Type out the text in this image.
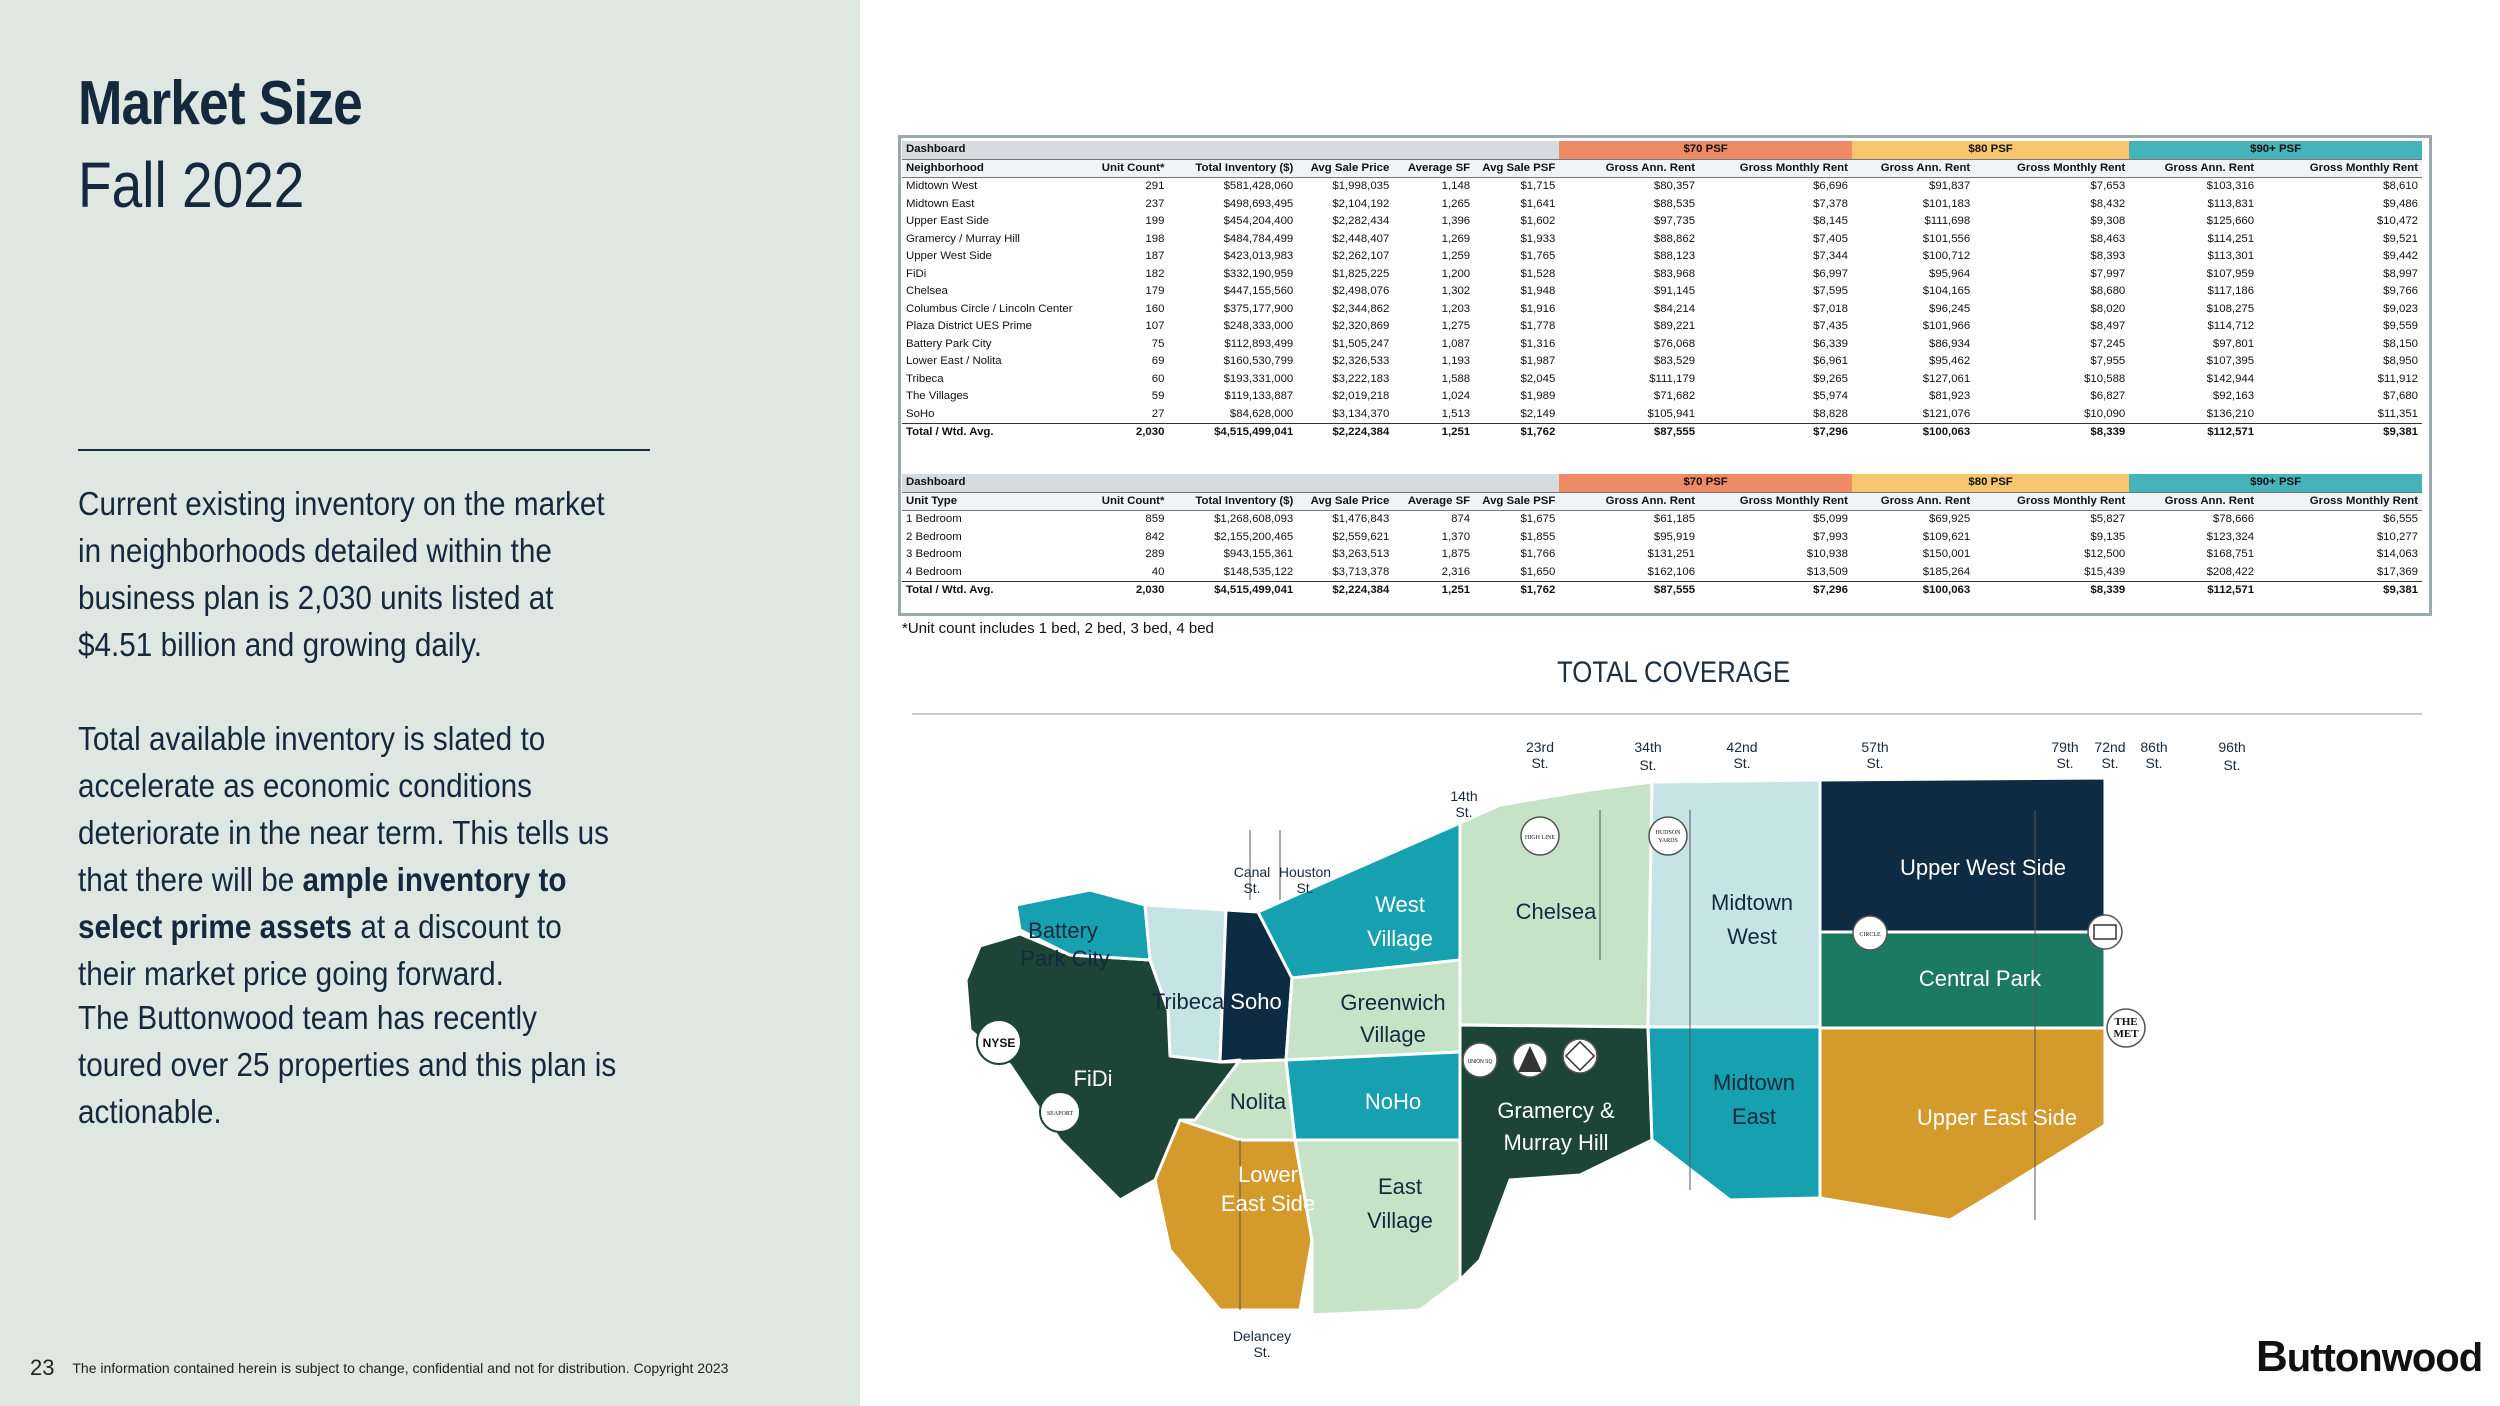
Market Size
Fall 2022

Current existing inventory on the market in neighborhoods detailed within the business plan is 2,030 units listed at $4.51 billion and growing daily.

Total available inventory is slated to accelerate as economic conditions deteriorate in the near term. This tells us that there will be ample inventory to select prime assets at a discount to their market price going forward.

The Buttonwood team has recently toured over 25 properties and this plan is actionable.

23 The information contained herein is subject to change, confidential and not for distribution. Copyright 2023	Buttonwood
Dashboard						$70 PSF		$80 PSF		$90+ PSF	
Neighborhood	Unit Count*	Total Inventory ($)	Avg Sale Price	Average SF	Avg Sale PSF	Gross Ann. Rent	Gross Monthly Rent	Gross Ann. Rent	Gross Monthly Rent	Gross Ann. Rent	Gross Monthly Rent
Midtown West	291	$581,428,060	$1,998,035	1,148	$1,715	$80,357	$6,696	$91,837	$7,653	$103,316	$8,610
Midtown East	237	$498,693,495	$2,104,192	1,265	$1,641	$88,535	$7,378	$101,183	$8,432	$113,831	$9,486
Upper East Side	199	$454,204,400	$2,282,434	1,396	$1,602	$97,735	$8,145	$111,698	$9,308	$125,660	$10,472
Gramercy / Murray Hill	198	$484,784,499	$2,448,407	1,269	$1,933	$88,862	$7,405	$101,556	$8,463	$114,251	$9,521
Upper West Side	187	$423,013,983	$2,262,107	1,259	$1,765	$88,123	$7,344	$100,712	$8,393	$113,301	$9,442
FiDi	182	$332,190,959	$1,825,225	1,200	$1,528	$83,968	$6,997	$95,964	$7,997	$107,959	$8,997
Chelsea	179	$447,155,560	$2,498,076	1,302	$1,948	$91,145	$7,595	$104,165	$8,680	$117,186	$9,766
Columbus Circle / Lincoln Center	160	$375,177,900	$2,344,862	1,203	$1,916	$84,214	$7,018	$96,245	$8,020	$108,275	$9,023
Plaza District UES Prime	107	$248,333,000	$2,320,869	1,275	$1,778	$89,221	$7,435	$101,966	$8,497	$114,712	$9,559
Battery Park City	75	$112,893,499	$1,505,247	1,087	$1,316	$76,068	$6,339	$86,934	$7,245	$97,801	$8,150
Lower East / Nolita	69	$160,530,799	$2,326,533	1,193	$1,987	$83,529	$6,961	$95,462	$7,955	$107,395	$8,950
Tribeca	60	$193,331,000	$3,222,183	1,588	$2,045	$111,179	$9,265	$127,061	$10,588	$142,944	$11,912
The Villages	59	$119,133,887	$2,019,218	1,024	$1,989	$71,682	$5,974	$81,923	$6,827	$92,163	$7,680
SoHo	27	$84,628,000	$3,134,370	1,513	$2,149	$105,941	$8,828	$121,076	$10,090	$136,210	$11,351
Total / Wtd. Avg.	2,030	$4,515,499,041	$2,224,384	1,251	$1,762	$87,555	$7,296	$100,063	$8,339	$112,571	$9,381
Dashboard						$70 PSF		$80 PSF		$90+ PSF	
Unit Type	Unit Count*	Total Inventory ($)	Avg Sale Price	Average SF	Avg Sale PSF	Gross Ann. Rent	Gross Monthly Rent	Gross Ann. Rent	Gross Monthly Rent	Gross Ann. Rent	Gross Monthly Rent
1 Bedroom	859	$1,268,608,093	$1,476,843	874	$1,675	$61,185	$5,099	$69,925	$5,827	$78,666	$6,555
2 Bedroom	842	$2,155,200,465	$2,559,621	1,370	$1,855	$95,919	$7,993	$109,621	$9,135	$123,324	$10,277
3 Bedroom	289	$943,155,361	$3,263,513	1,875	$1,766	$131,251	$10,938	$150,001	$12,500	$168,751	$14,063
4 Bedroom	40	$148,535,122	$3,713,378	2,316	$1,650	$162,106	$13,509	$185,264	$15,439	$208,422	$17,369
Total / Wtd. Avg.	2,030	$4,515,499,041	$2,224,384	1,251	$1,762	$87,555	$7,296	$100,063	$8,339	$112,571	$9,381
*Unit count includes 1 bed, 2 bed, 3 bed, 4 bed
TOTAL COVERAGE
Battery
Park City
FiDi
Tribeca Soho
Nolita
Lower
East Side
West
Village
Greenwich
Village
NoHo
East
Village
Chelsea
Gramercy &
Murray Hill
Midtown
West
Midtown
East
Upper West Side
Central Park
Upper East Side
Canal
St.
Houston
St.
14th
St.
23rd
St.
34th
St.
42nd
St.
57th
St.
79th
St.
72nd
St.
86th
St.
96th
St.
Delancey
St.
NYSE
SEAPORT
HIGH LINE
HUDSON
YARDS
CIRCLE
THE
MET
UNION SQ
